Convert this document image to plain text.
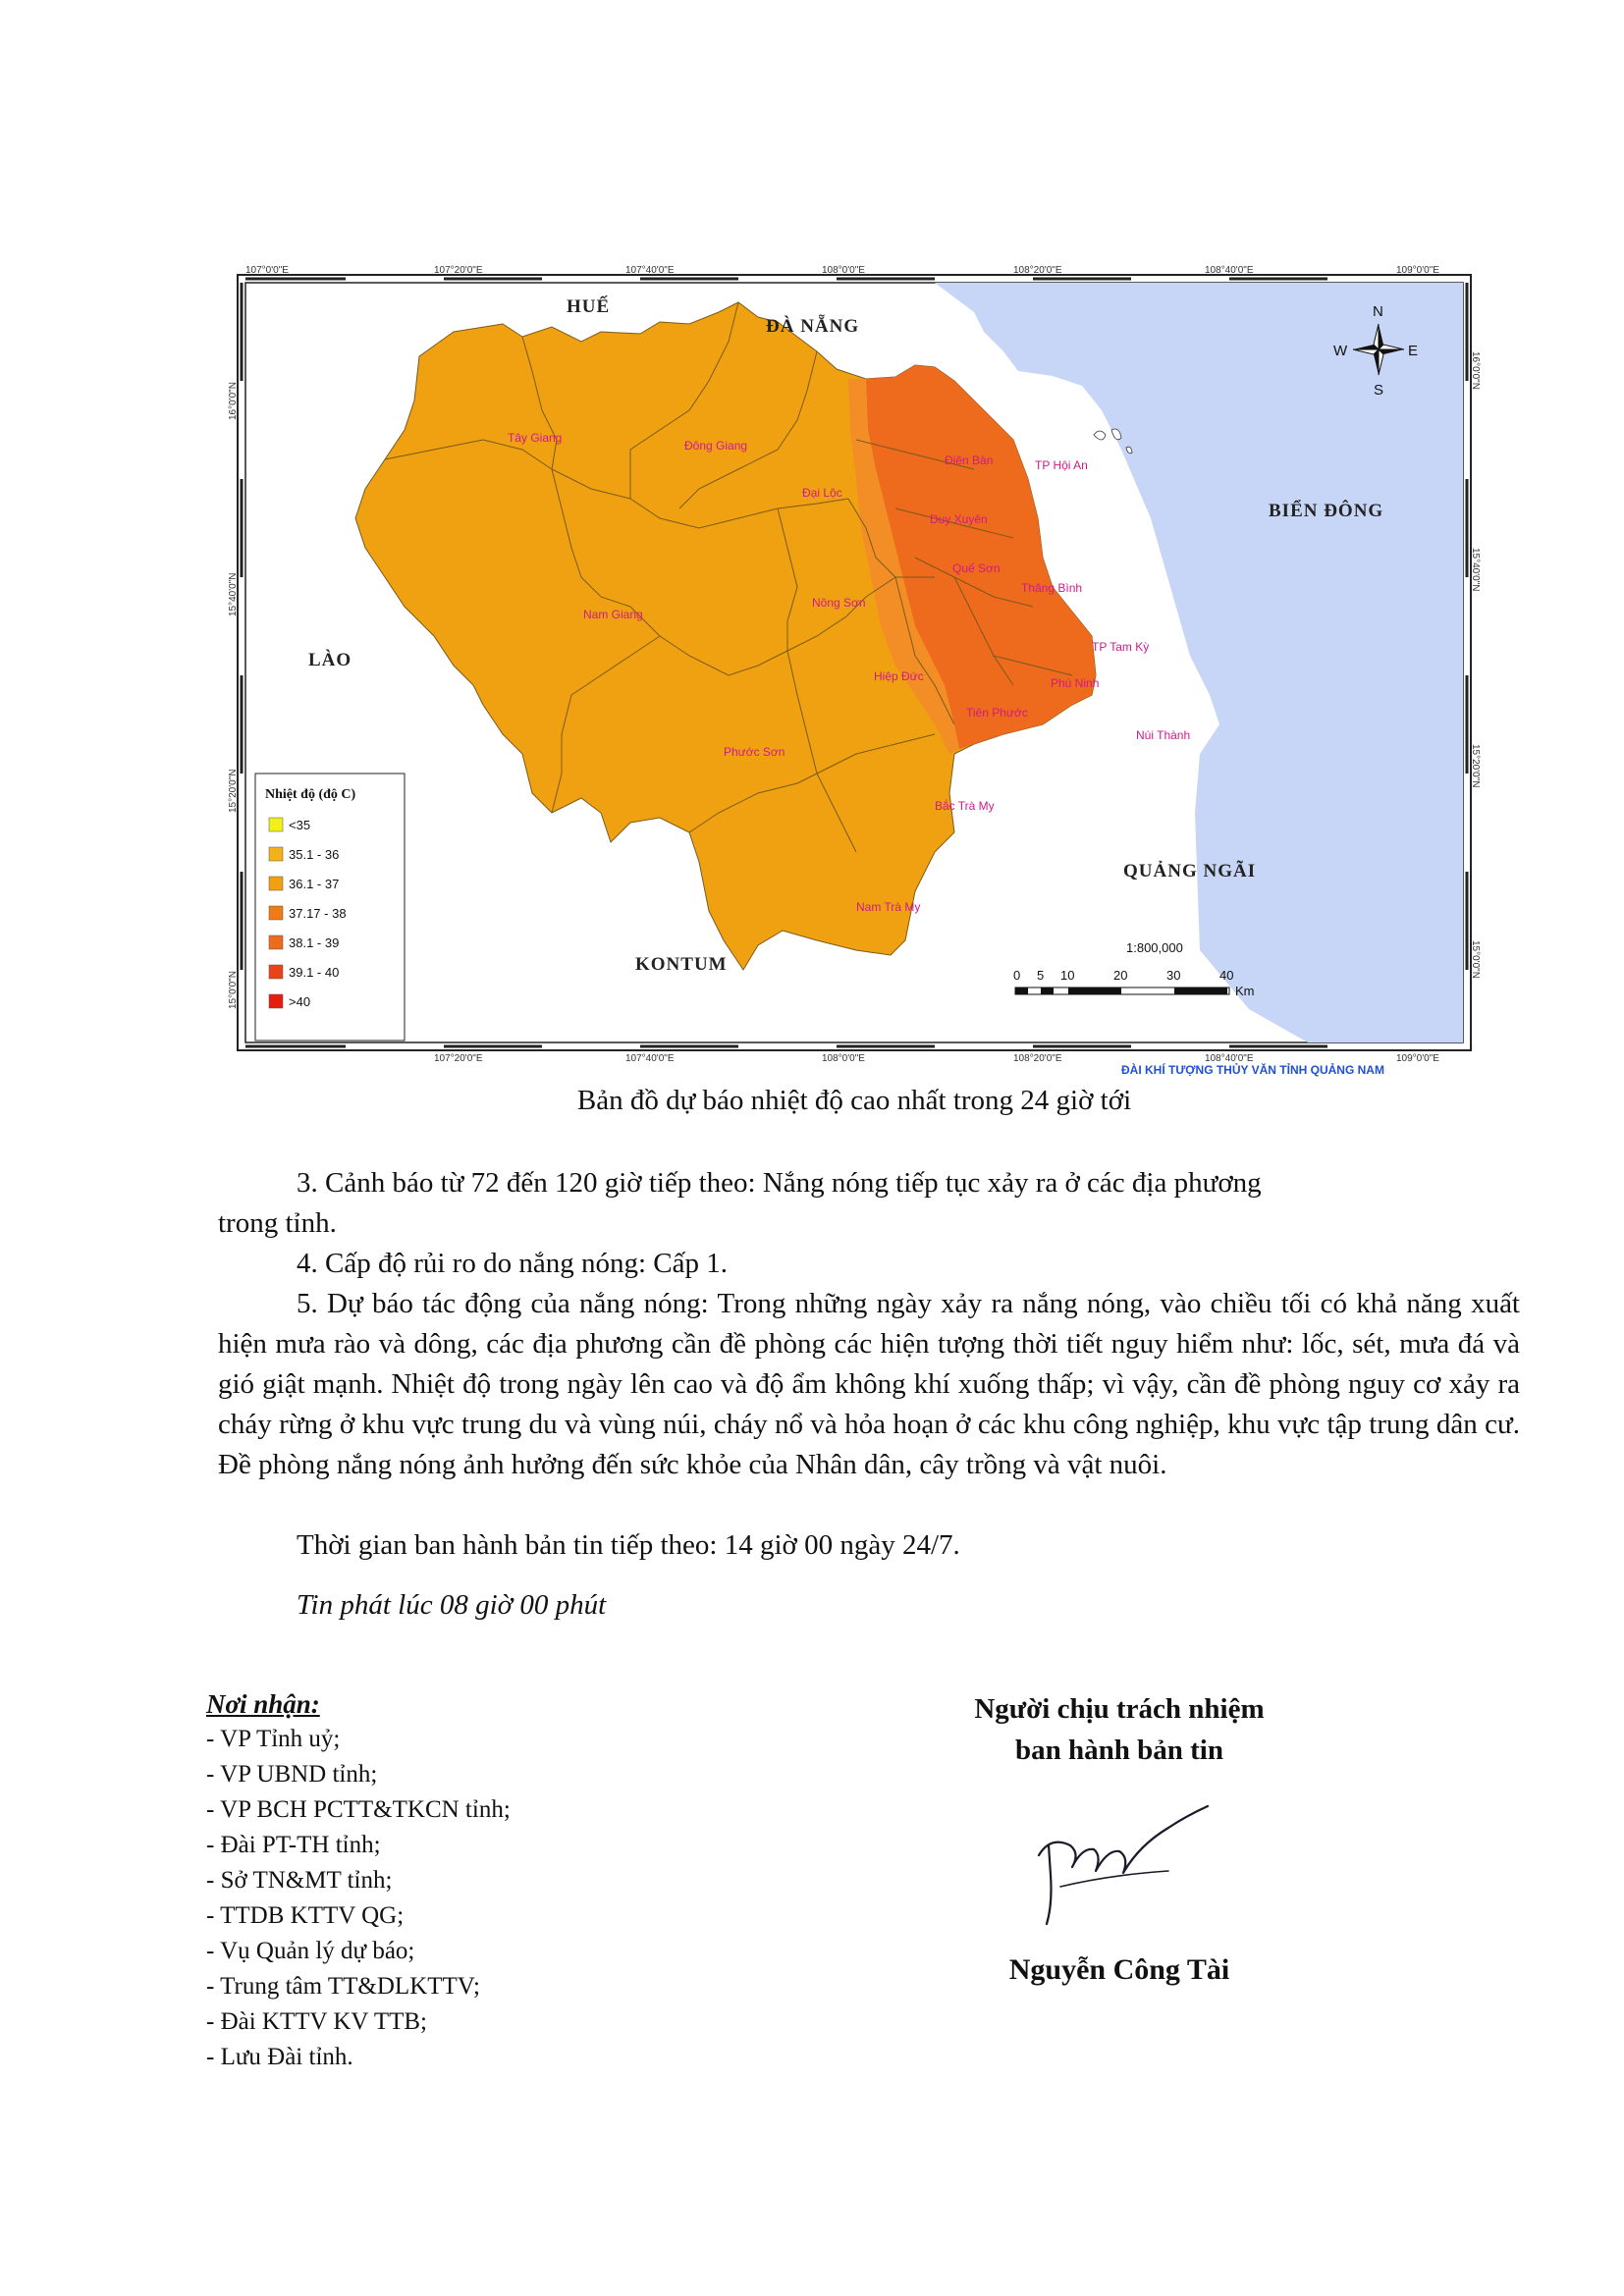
107°0'0"E	107°20'0"E	107°40'0"E	108°0'0"E	108°20'0"E	108°40'0"E	109°0'0"E
107°20'0"E	107°40'0"E	108°0'0"E	108°20'0"E	108°40'0"E	109°0'0"E
16°0'0"N
15°40'0"N
15°20'0"N
15°0'0"N
16°0'0"N
15°40'0"N
15°20'0"N
15°0'0"N
HUẾ
ĐÀ NẴNG
BIỂN ĐÔNG
LÀO
KONTUM
QUẢNG NGÃI
Tây Giang
Đông Giang
Đại Lộc
Điện Bàn	TP Hội An
Duy Xuyên
Quế Sơn
Thăng Bình
Nam Giang
Nông Sơn
Hiệp Đức
TP Tam Kỳ
Phú Ninh
Tiên Phước
Núi Thành
Phước Sơn
Bắc Trà My
Nam Trà My
N
S
E
W
Nhiệt độ (độ C)
<35
35.1 - 36
36.1 - 37
37.17 - 38
38.1 - 39
39.1 - 40
>40
1:800,000
0 5 10	20	30	40
Km
ĐÀI KHÍ TƯỢNG THỦY VĂN TỈNH QUẢNG NAM
Bản đồ dự báo nhiệt độ cao nhất trong 24 giờ tới
3. Cảnh báo từ 72 đến 120 giờ tiếp theo: Nắng nóng tiếp tục xảy ra ở các địa phương
trong tỉnh.
4. Cấp độ rủi ro do nắng nóng: Cấp 1.
5. Dự báo tác động của nắng nóng: Trong những ngày xảy ra nắng nóng, vào chiều tối có khả năng xuất hiện mưa rào và dông, các địa phương cần đề phòng các hiện tượng thời tiết nguy hiểm như: lốc, sét, mưa đá và gió giật mạnh. Nhiệt độ trong ngày lên cao và độ ẩm không khí xuống thấp; vì vậy, cần đề phòng nguy cơ xảy ra cháy rừng ở khu vực trung du và vùng núi, cháy nổ và hỏa hoạn ở các khu công nghiệp, khu vực tập trung dân cư. Đề phòng nắng nóng ảnh hưởng đến sức khỏe của Nhân dân, cây trồng và vật nuôi.
Thời gian ban hành bản tin tiếp theo: 14 giờ 00 ngày 24/7.
Tin phát lúc 08 giờ 00 phút
Nơi nhận:
- VP Tỉnh uỷ;
- VP UBND tỉnh;
- VP BCH PCTT&TKCN tỉnh;
- Đài PT-TH tỉnh;
- Sở TN&MT tỉnh;
- TTDB KTTV QG;
- Vụ Quản lý dự báo;
- Trung tâm TT&DLKTTV;
- Đài KTTV KV TTB;
- Lưu Đài tỉnh.
Người chịu trách nhiệm
ban hành bản tin
Nguyễn Công Tài
